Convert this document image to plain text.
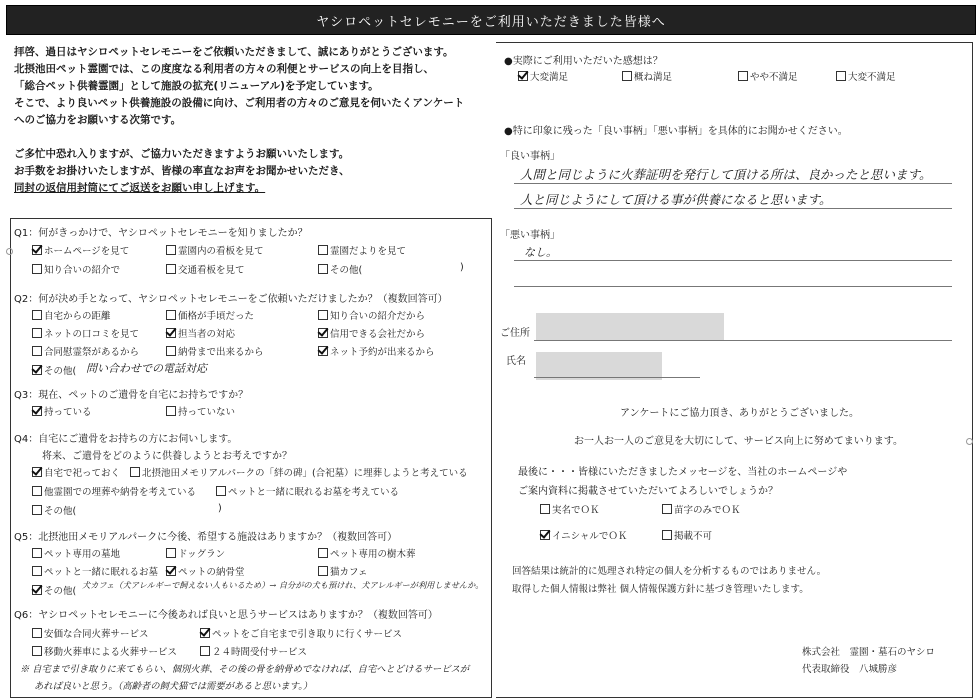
ヤシロペットセレモニーをご利用いただきました皆様へ
拝啓、過日はヤシロペットセレモニーをご依頼いただきまして、誠にありがとうございます。
北摂池田ペット霊園では、この度度なる利用者の方々の利便とサービスの向上を目指し、
「総合ペット供養霊園」として施設の拡充(リニューアル)を予定しています。
そこで、より良いペット供養施設の設備に向け、ご利用者の方々のご意見を伺いたくアンケート
へのご協力をお願いする次第です。
ご多忙中恐れ入りますが、ご協力いただきますようお願いいたします。
お手数をお掛けいたしますが、皆様の率直なお声をお聞かせいただき、
同封の返信用封筒にてご返送をお願い申し上げます。
Q1：何がきっかけで、ヤシロペットセレモニーを知りましたか？
ホームページを見て	霊園内の看板を見て	霊園だよりを見て
知り合いの紹介で	交通看板を見て	その他(	)
Q2：何が決め手となって、ヤシロペットセレモニーをご依頼いただけましたか？（複数回答可）
自宅からの距離	価格が手頃だった	知り合いの紹介だから
ネットの口コミを見て	担当者の対応	信用できる会社だから
合同慰霊祭があるから	納骨まで出来るから	ネット予約が出来るから
その他( 問い合わせでの電話対応
Q3：現在、ペットのご遺骨を自宅にお持ちですか？
持っている	持っていない
Q4：自宅にご遺骨をお持ちの方にお伺いします。
将来、ご遺骨をどのように供養しようとお考えですか？
自宅で祀っておく 北摂池田メモリアルパークの「絆の碑」(合祀墓）に埋葬しようと考えている
他霊園での埋葬や納骨を考えている	ペットと一緒に眠れるお墓を考えている
その他(	)
Q5：北摂池田メモリアルパークに今後、希望する施設はありますか？（複数回答可）
ペット専用の墓地	ドッグラン	ペット専用の樹木葬
ペットと一緒に眠れるお墓 ペットの納骨堂	猫カフェ
その他(
犬カフェ（犬アレルギーで飼えない人もいるため）→ 自分がの犬も預けれ、犬アレルギーが利用しませんか。
Q6：ヤシロペットセレモニーに今後あれば良いと思うサービスはありますか？（複数回答可）
安価な合同火葬サービス	ペットをご自宅まで引き取りに行くサービス
移動火葬車による火葬サービス	２４時間受付サービス
※ 自宅まで引き取りに来てもらい、個別火葬、その後の骨を納骨めでなければ、自宅へとどけるサービスが
あれば良いと思う。（高齢者の飼犬猫では需要があると思います。）
●実際にご利用いただいた感想は？
大変満足	概ね満足	やや不満足	大変不満足
●特に印象に残った「良い事柄」「悪い事柄」を具体的にお聞かせください。
「良い事柄」
人間と同じように火葬証明を発行して頂ける所は、良かったと思います。
人と同じようにして頂ける事が供養になると思います。
「悪い事柄」
なし。
ご住所
氏名
アンケートにご協力頂き、ありがとうございました。
お一人お一人のご意見を大切にして、サービス向上に努めてまいります。
最後に・・・皆様にいただきましたメッセージを、当社のホームページや
ご案内資料に掲載させていただいてよろしいでしょうか？
実名でＯＫ	苗字のみでＯＫ
イニシャルでＯＫ	掲載不可
回答結果は統計的に処理され特定の個人を分析するものではありません。
取得した個人情報は弊社 個人情報保護方針に基づき管理いたします。
株式会社　霊園・墓石のヤシロ
代表取締役　八城勝彦
